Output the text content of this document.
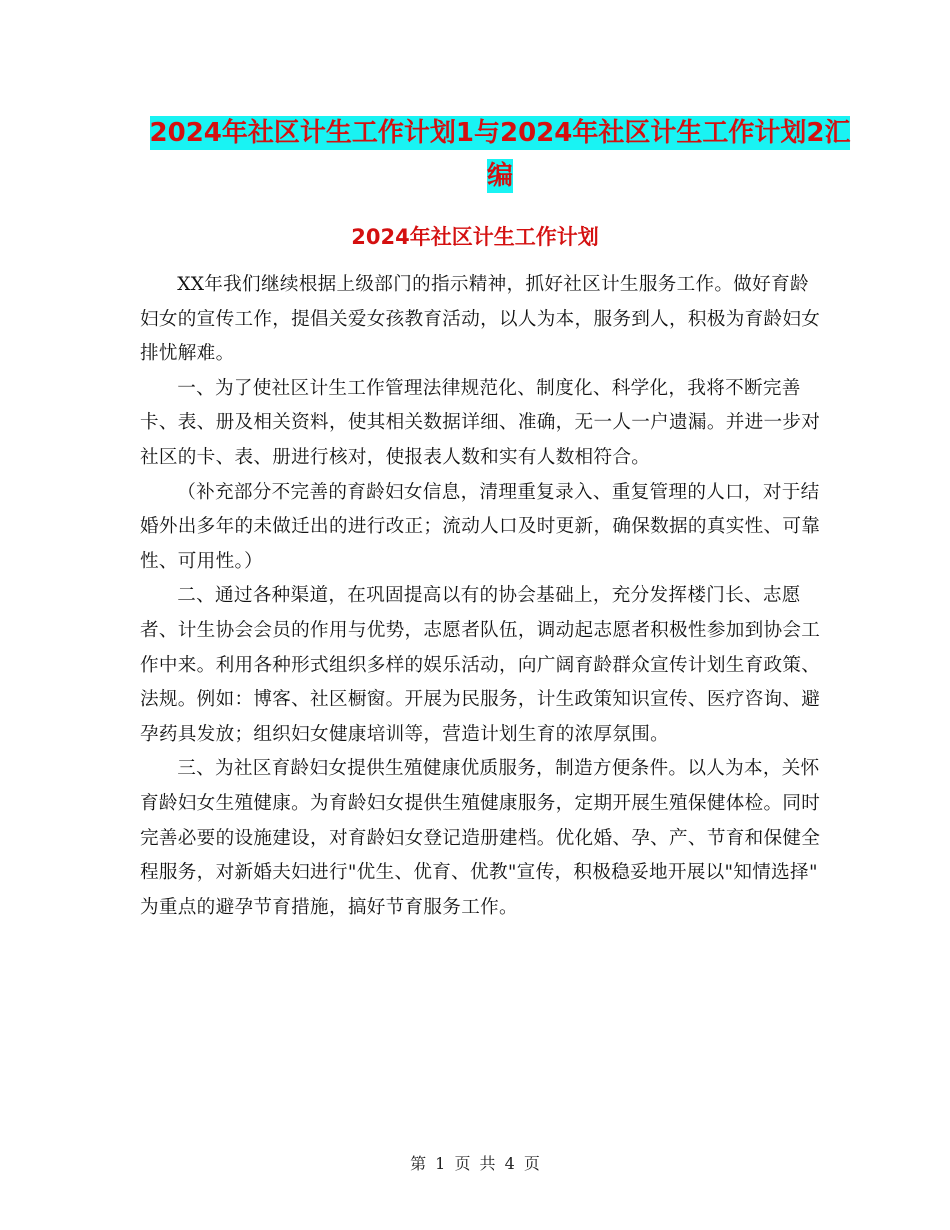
2024年社区计生工作计划1与2024年社区计生工作计划2汇编
2024年社区计生工作计划

XX年我们继续根据上级部门的指示精神，抓好社区计生服务工作。做好育龄妇女的宣传工作，提倡关爱女孩教育活动，以人为本，服务到人，积极为育龄妇女排忧解难。

一、为了使社区计生工作管理法律规范化、制度化、科学化，我将不断完善卡、表、册及相关资料，使其相关数据详细、准确，无一人一户遗漏。并进一步对社区的卡、表、册进行核对，使报表人数和实有人数相符合。

（补充部分不完善的育龄妇女信息，清理重复录入、重复管理的人口，对于结婚外出多年的未做迁出的进行改正；流动人口及时更新，确保数据的真实性、可靠性、可用性。）

二、通过各种渠道，在巩固提高以有的协会基础上，充分发挥楼门长、志愿者、计生协会会员的作用与优势，志愿者队伍，调动起志愿者积极性参加到协会工作中来。利用各种形式组织多样的娱乐活动，向广阔育龄群众宣传计划生育政策、法规。例如：博客、社区橱窗。开展为民服务，计生政策知识宣传、医疗咨询、避孕药具发放；组织妇女健康培训等，营造计划生育的浓厚氛围。

三、为社区育龄妇女提供生殖健康优质服务，制造方便条件。以人为本，关怀育龄妇女生殖健康。为育龄妇女提供生殖健康服务，定期开展生殖保健体检。同时完善必要的设施建设，对育龄妇女登记造册建档。优化婚、孕、产、节育和保健全程服务，对新婚夫妇进行"优生、优育、优教"宣传，积极稳妥地开展以"知情选择" 为重点的避孕节育措施，搞好节育服务工作。

第 1 页 共 4 页
